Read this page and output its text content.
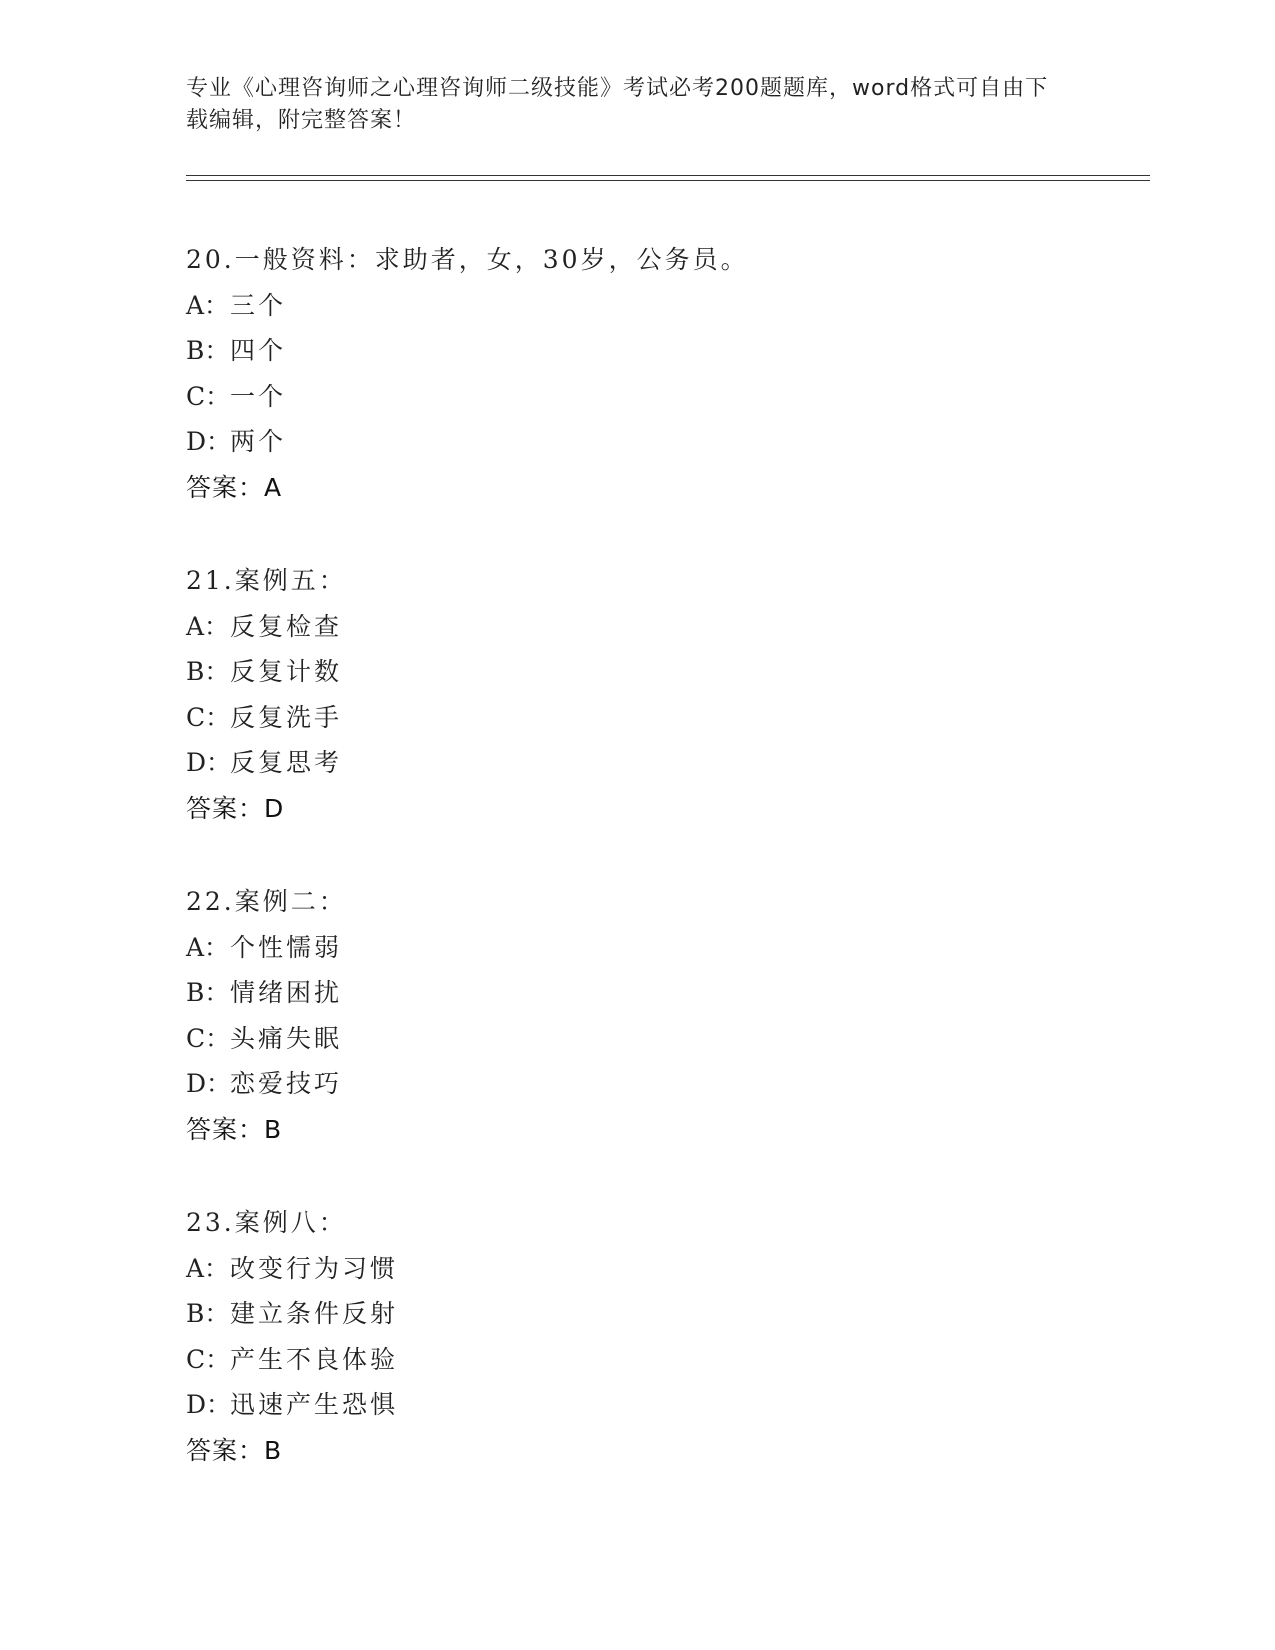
专业《心理咨询师之心理咨询师二级技能》考试必考200题题库，word格式可自由下载编辑，附完整答案！

20.一般资料：求助者，女，30岁，公务员。
A：三个
B：四个
C：一个
D：两个
答案：A
21.案例五：
A：反复检查
B：反复计数
C：反复洗手
D：反复思考
答案：D
22.案例二：
A：个性懦弱
B：情绪困扰
C：头痛失眠
D：恋爱技巧
答案：B
23.案例八：
A：改变行为习惯
B：建立条件反射
C：产生不良体验
D：迅速产生恐惧
答案：B
